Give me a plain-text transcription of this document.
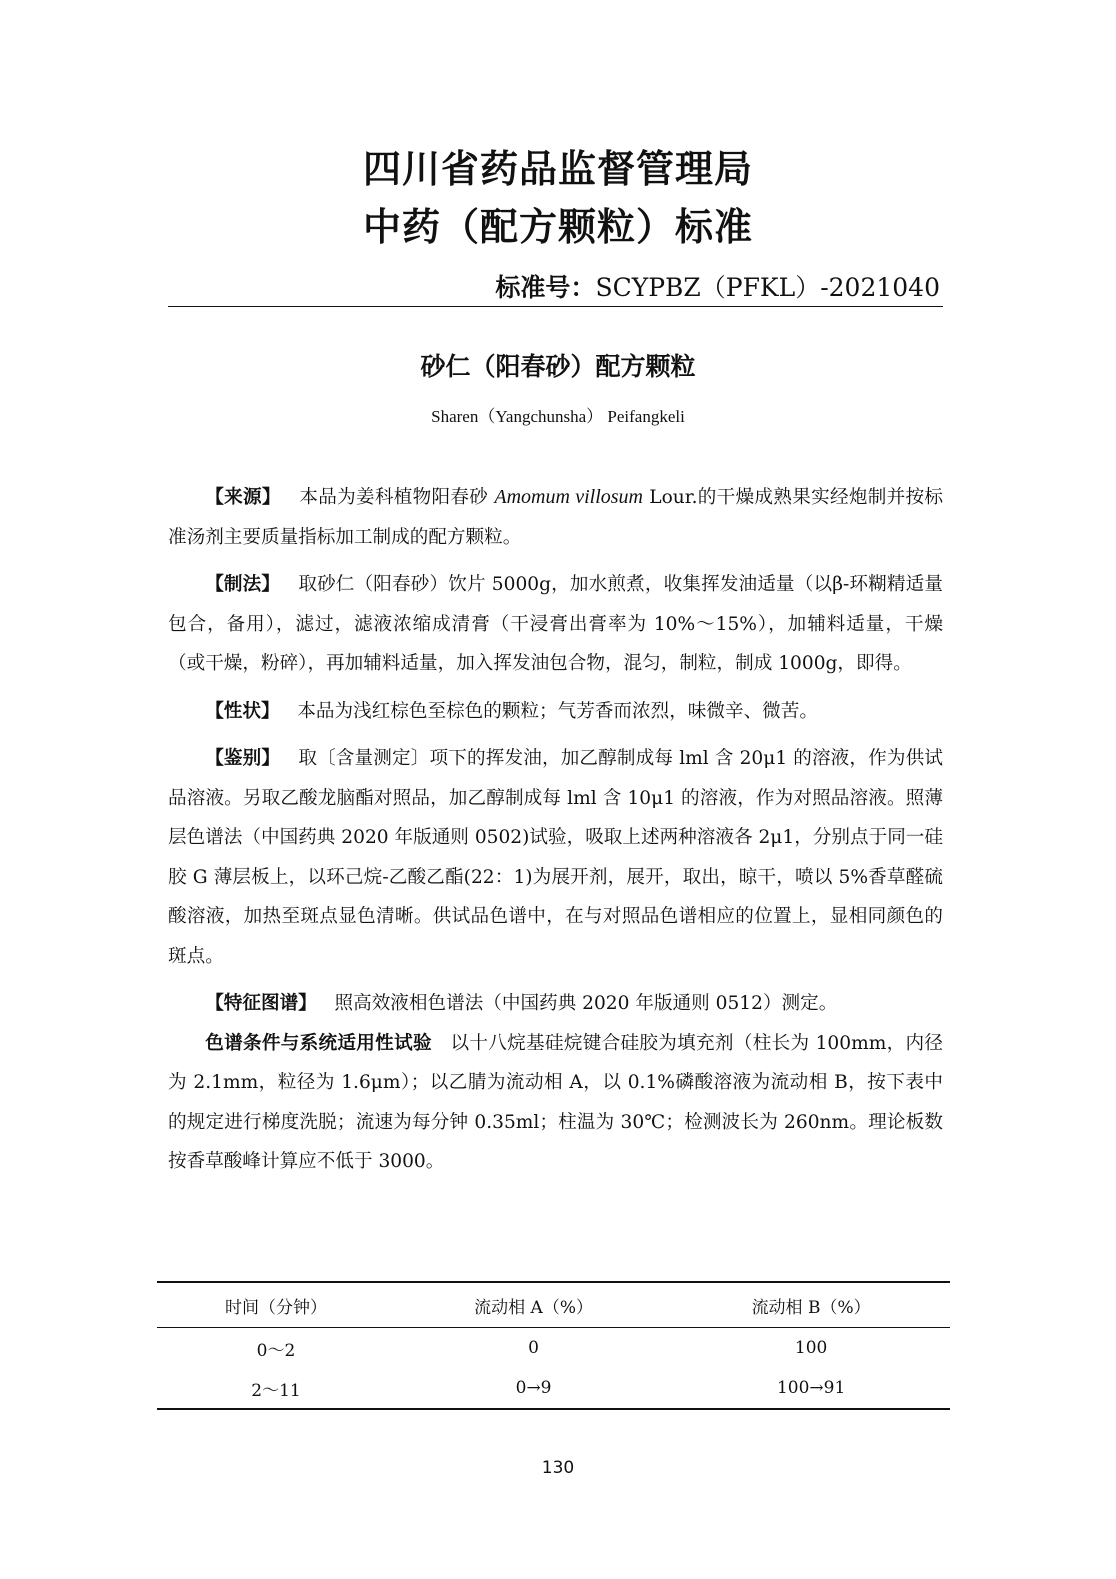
四川省药品监督管理局
中药（配方颗粒）标准
标准号：SCYPBZ（PFKL）-2021040
砂仁（阳春砂）配方颗粒
Sharen（Yangchunsha） Peifangkeli

【来源】 本品为姜科植物阳春砂 Amomum villosum Lour.的干燥成熟果实经炮制并按标准汤剂主要质量指标加工制成的配方颗粒。

【制法】 取砂仁（阳春砂）饮片 5000g，加水煎煮，收集挥发油适量（以β-环糊精适量包合，备用），滤过，滤液浓缩成清膏（干浸膏出膏率为 10%～15%），加辅料适量，干燥（或干燥，粉碎），再加辅料适量，加入挥发油包合物，混匀，制粒，制成 1000g，即得。

【性状】 本品为浅红棕色至棕色的颗粒；气芳香而浓烈，味微辛、微苦。

【鉴别】 取〔含量测定〕项下的挥发油，加乙醇制成每 lml 含 20μ1 的溶液，作为供试品溶液。另取乙酸龙脑酯对照品，加乙醇制成每 lml 含 10μ1 的溶液，作为对照品溶液。照薄层色谱法（中国药典 2020 年版通则 0502)试验，吸取上述两种溶液各 2μ1，分别点于同一硅胶 G 薄层板上，以环己烷-乙酸乙酯(22：1)为展开剂，展开，取出，晾干，喷以 5%香草醛硫酸溶液，加热至斑点显色清晰。供试品色谱中，在与对照品色谱相应的位置上，显相同颜色的斑点。

【特征图谱】 照高效液相色谱法（中国药典 2020 年版通则 0512）测定。

色谱条件与系统适用性试验 以十八烷基硅烷键合硅胶为填充剂（柱长为 100mm，内径为 2.1mm，粒径为 1.6μm）；以乙腈为流动相 A，以 0.1%磷酸溶液为流动相 B，按下表中的规定进行梯度洗脱；流速为每分钟 0.35ml；柱温为 30℃；检测波长为 260nm。理论板数按香草酸峰计算应不低于 3000。

时间（分钟）	流动相 A（%）	流动相 B（%）
0～2	0	100
2～11	0→9	100→91
130
